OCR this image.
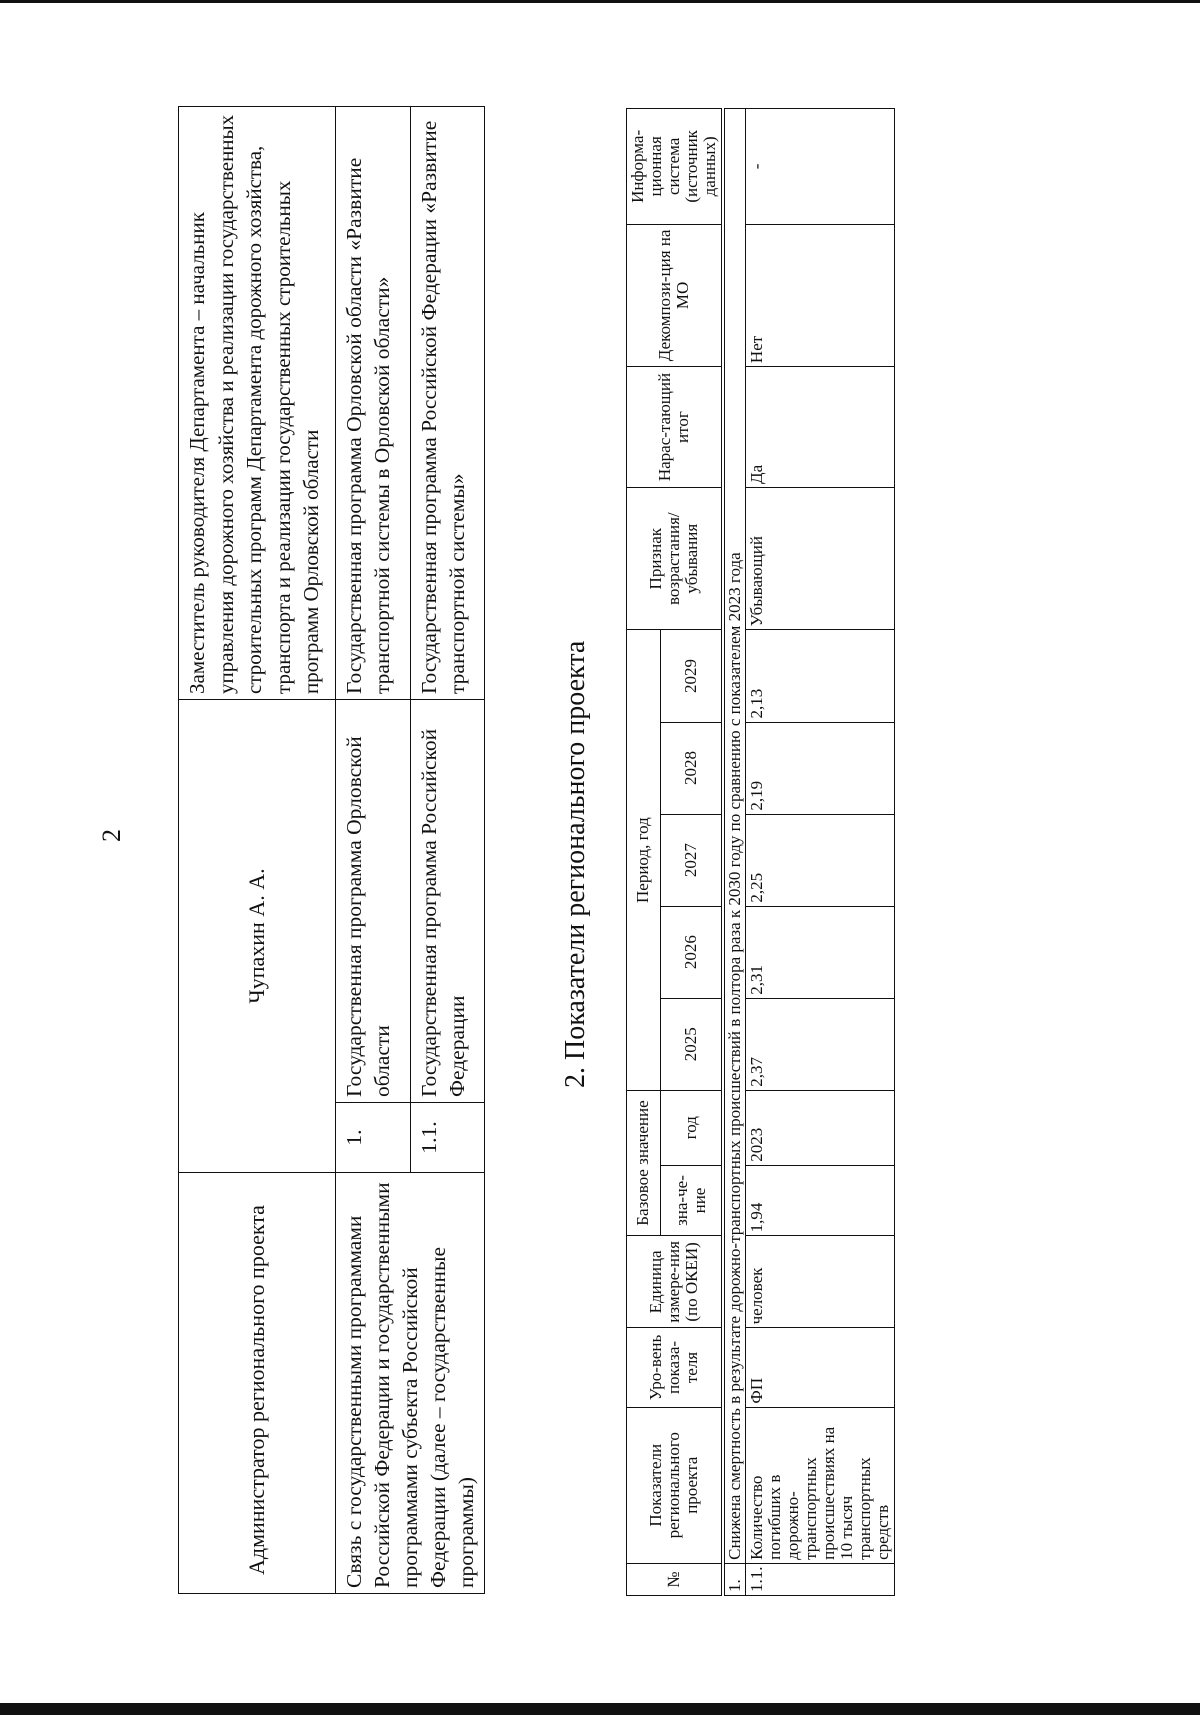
2
Администратор регионального проекта	Чупахин А. А.		Заместитель руководителя Департамента – начальник управления дорожного хозяйства и реализации государственных строительных программ Департамента дорожного хозяйства, транспорта и реализации государственных строительных программ Орловской области
Связь с государственными программами Российской Федерации и государственными программами субъекта Российской Федерации (далее – государственные программы)	1.	Государственная программа Орловской области	Государственная программа Орловской области «Развитие транспортной системы в Орловской области»
	1.1.	Государственная программа Российской Федерации	Государственная программа Российской Федерации «Развитие транспортной системы»
2. Показатели регионального проекта
№	Показатели регионального проекта	Уро-вень показа-теля	Единица измере-ния (по ОКЕИ)	Базовое значение		Период, год					Признак возрастания/ убывания	Нарас-тающий итог	Декомпози-ция на МО	Информа-ционная система (источник данных)
				зна-че-ние	год	2025	2026	2027	2028	2029				
1.	Снижена смертность в результате дорожно-транспортных происшествий в полтора раза к 2030 году по сравнению с показателем 2023 года													
1.1.	Количество погибших в дорожно-транспортных происшествиях на 10 тысяч транспортных средств	ФП	человек	1,94	2023	2,37	2,31	2,25	2,19	2,13	Убывающий	Да	Нет	-
